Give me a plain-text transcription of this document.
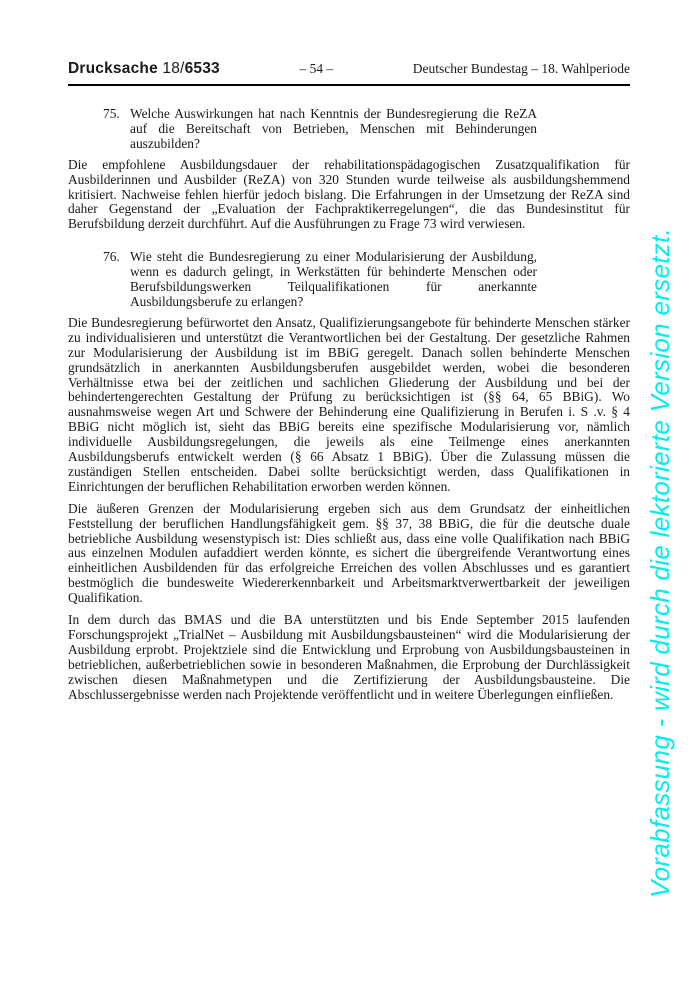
Vorabfassung - wird durch die lektorierte Version ersetzt.
Drucksache 18/6533	– 54 –	Deutscher Bundestag – 18. Wahlperiode
75. Welche Auswirkungen hat nach Kenntnis der Bundesregierung die ReZA auf die Bereitschaft von Betrieben, Menschen mit Behinderungen auszubilden?

Die empfohlene Ausbildungsdauer der rehabilitationspädagogischen Zusatzqualifikation für Ausbilderinnen und Ausbilder (ReZA) von 320 Stunden wurde teilweise als ausbildungshemmend kritisiert. Nachweise fehlen hierfür jedoch bislang. Die Erfahrungen in der Umsetzung der ReZA sind daher Gegenstand der „Evaluation der Fachpraktikerregelungen“, die das Bundesinstitut für Berufsbildung derzeit durchführt. Auf die Ausführungen zu Frage 73 wird verwiesen.

76. Wie steht die Bundesregierung zu einer Modularisierung der Ausbildung, wenn es dadurch gelingt, in Werkstätten für behinderte Menschen oder Berufsbildungswerken Teilqualifikationen für anerkannte Ausbildungsberufe zu erlangen?

Die Bundesregierung befürwortet den Ansatz, Qualifizierungsangebote für behinderte Menschen stärker zu individualisieren und unterstützt die Verantwortlichen bei der Gestaltung. Der gesetzliche Rahmen zur Modularisierung der Ausbildung ist im BBiG geregelt. Danach sollen behinderte Menschen grundsätzlich in anerkannten Ausbildungsberufen ausgebildet werden, wobei die besonderen Verhältnisse etwa bei der zeitlichen und sachlichen Gliederung der Ausbildung und bei der behindertengerechten Gestaltung der Prüfung zu berücksichtigen ist (§§ 64, 65 BBiG). Wo ausnahmsweise wegen Art und Schwere der Behinderung eine Qualifizierung in Berufen i. S .v. § 4 BBiG nicht möglich ist, sieht das BBiG bereits eine spezifische Modularisierung vor, nämlich individuelle Ausbildungsregelungen, die jeweils als eine Teilmenge eines anerkannten Ausbildungsberufs entwickelt werden (§ 66 Absatz 1 BBiG). Über die Zulassung müssen die zuständigen Stellen entscheiden. Dabei sollte berücksichtigt werden, dass Qualifikationen in Einrichtungen der beruflichen Rehabilitation erworben werden können.

Die äußeren Grenzen der Modularisierung ergeben sich aus dem Grundsatz der einheitlichen Feststellung der beruflichen Handlungsfähigkeit gem. §§ 37, 38 BBiG, die für die deutsche duale betriebliche Ausbildung wesenstypisch ist: Dies schließt aus, dass eine volle Qualifikation nach BBiG aus einzelnen Modulen aufaddiert werden könnte, es sichert die übergreifende Verantwortung eines einheitlichen Ausbildenden für das erfolgreiche Erreichen des vollen Abschlusses und es garantiert bestmöglich die bundesweite Wiedererkennbarkeit und Arbeitsmarktverwertbarkeit der jeweiligen Qualifikation.

In dem durch das BMAS und die BA unterstützten und bis Ende September 2015 laufenden Forschungsprojekt „TrialNet – Ausbildung mit Ausbildungsbausteinen“ wird die Modularisierung der Ausbildung erprobt. Projektziele sind die Entwicklung und Erprobung von Ausbildungsbausteinen in betrieblichen, außerbetrieblichen sowie in besonderen Maßnahmen, die Erprobung der Durchlässigkeit zwischen diesen Maßnahmetypen und die Zertifizierung der Ausbildungsbausteine. Die Abschlussergebnisse werden nach Projektende veröffentlicht und in weitere Überlegungen einfließen.
